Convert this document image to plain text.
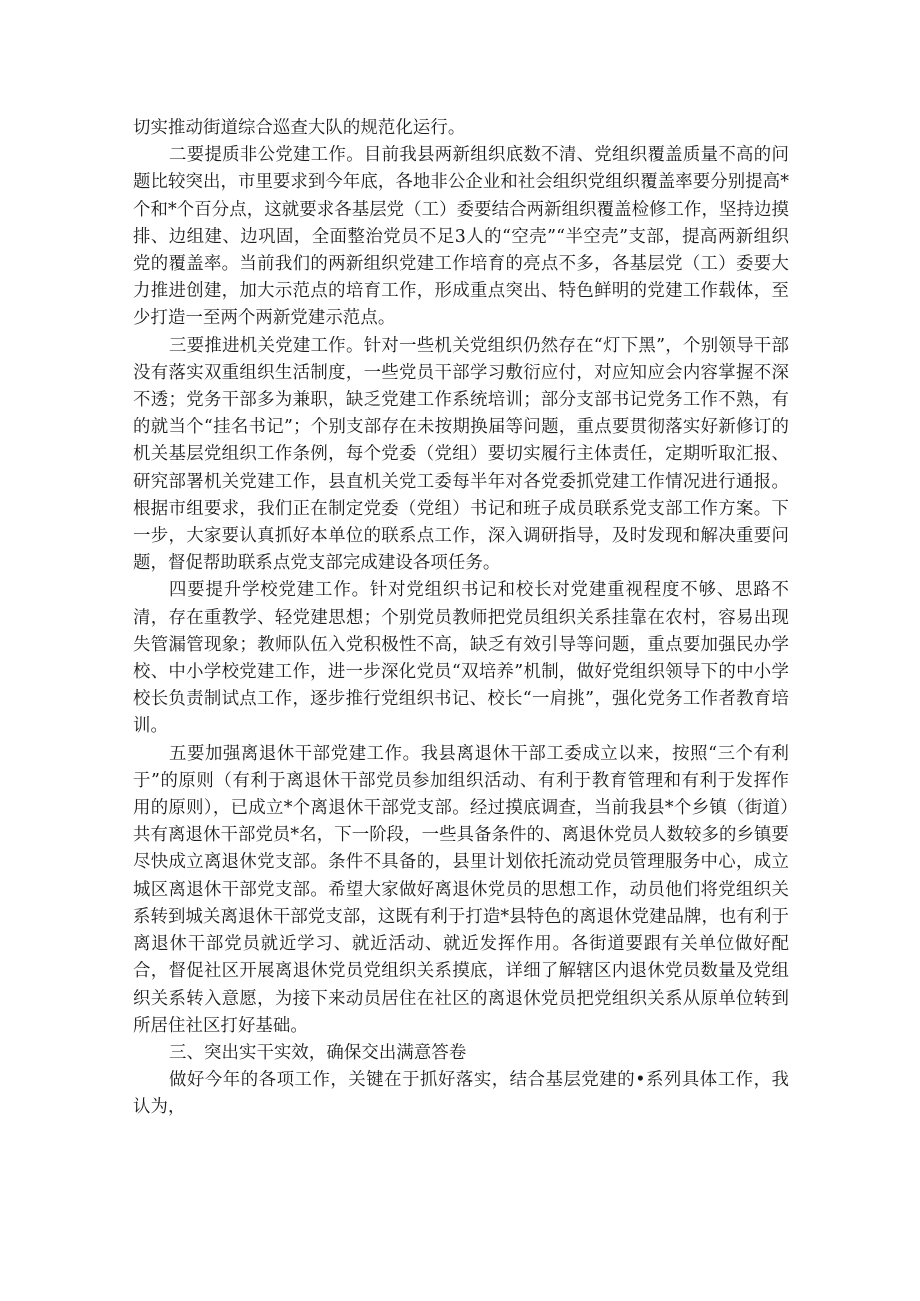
切实推动街道综合巡查大队的规范化运行。

二要提质非公党建工作。目前我县两新组织底数不清、党组织覆盖质量不高的问题比较突出，市里要求到今年底，各地非公企业和社会组织党组织覆盖率要分别提高*个和*个百分点，这就要求各基层党（工）委要结合两新组织覆盖检修工作，坚持边摸排、边组建、边巩固，全面整治党员不足3人的“空壳”“半空壳”支部，提高两新组织党的覆盖率。当前我们的两新组织党建工作培育的亮点不多，各基层党（工）委要大力推进创建，加大示范点的培育工作，形成重点突出、特色鲜明的党建工作载体，至少打造一至两个两新党建示范点。

三要推进机关党建工作。针对一些机关党组织仍然存在“灯下黑”，个别领导干部没有落实双重组织生活制度，一些党员干部学习敷衍应付，对应知应会内容掌握不深不透；党务干部多为兼职，缺乏党建工作系统培训；部分支部书记党务工作不熟，有的就当个“挂名书记”；个别支部存在未按期换届等问题，重点要贯彻落实好新修订的机关基层党组织工作条例，每个党委（党组）要切实履行主体责任，定期听取汇报、研究部署机关党建工作，县直机关党工委每半年对各党委抓党建工作情况进行通报。根据市组要求，我们正在制定党委（党组）书记和班子成员联系党支部工作方案。下一步，大家要认真抓好本单位的联系点工作，深入调研指导，及时发现和解决重要问题，督促帮助联系点党支部完成建设各项任务。

四要提升学校党建工作。针对党组织书记和校长对党建重视程度不够、思路不清，存在重教学、轻党建思想；个别党员教师把党员组织关系挂靠在农村，容易出现失管漏管现象；教师队伍入党积极性不高，缺乏有效引导等问题，重点要加强民办学校、中小学校党建工作，进一步深化党员“双培养”机制，做好党组织领导下的中小学校长负责制试点工作，逐步推行党组织书记、校长“一肩挑”，强化党务工作者教育培训。

五要加强离退休干部党建工作。我县离退休干部工委成立以来，按照“三个有利于”的原则（有利于离退休干部党员参加组织活动、有利于教育管理和有利于发挥作用的原则），已成立*个离退休干部党支部。经过摸底调查，当前我县*个乡镇（街道）共有离退休干部党员*名，下一阶段，一些具备条件的、离退休党员人数较多的乡镇要尽快成立离退休党支部。条件不具备的，县里计划依托流动党员管理服务中心，成立城区离退休干部党支部。希望大家做好离退休党员的思想工作，动员他们将党组织关系转到城关离退休干部党支部，这既有利于打造*县特色的离退休党建品牌，也有利于离退休干部党员就近学习、就近活动、就近发挥作用。各街道要跟有关单位做好配合，督促社区开展离退休党员党组织关系摸底，详细了解辖区内退休党员数量及党组织关系转入意愿，为接下来动员居住在社区的离退休党员把党组织关系从原单位转到所居住社区打好基础。

三、突出实干实效，确保交出满意答卷

做好今年的各项工作，关键在于抓好落实，结合基层党建的•系列具体工作，我认为，
